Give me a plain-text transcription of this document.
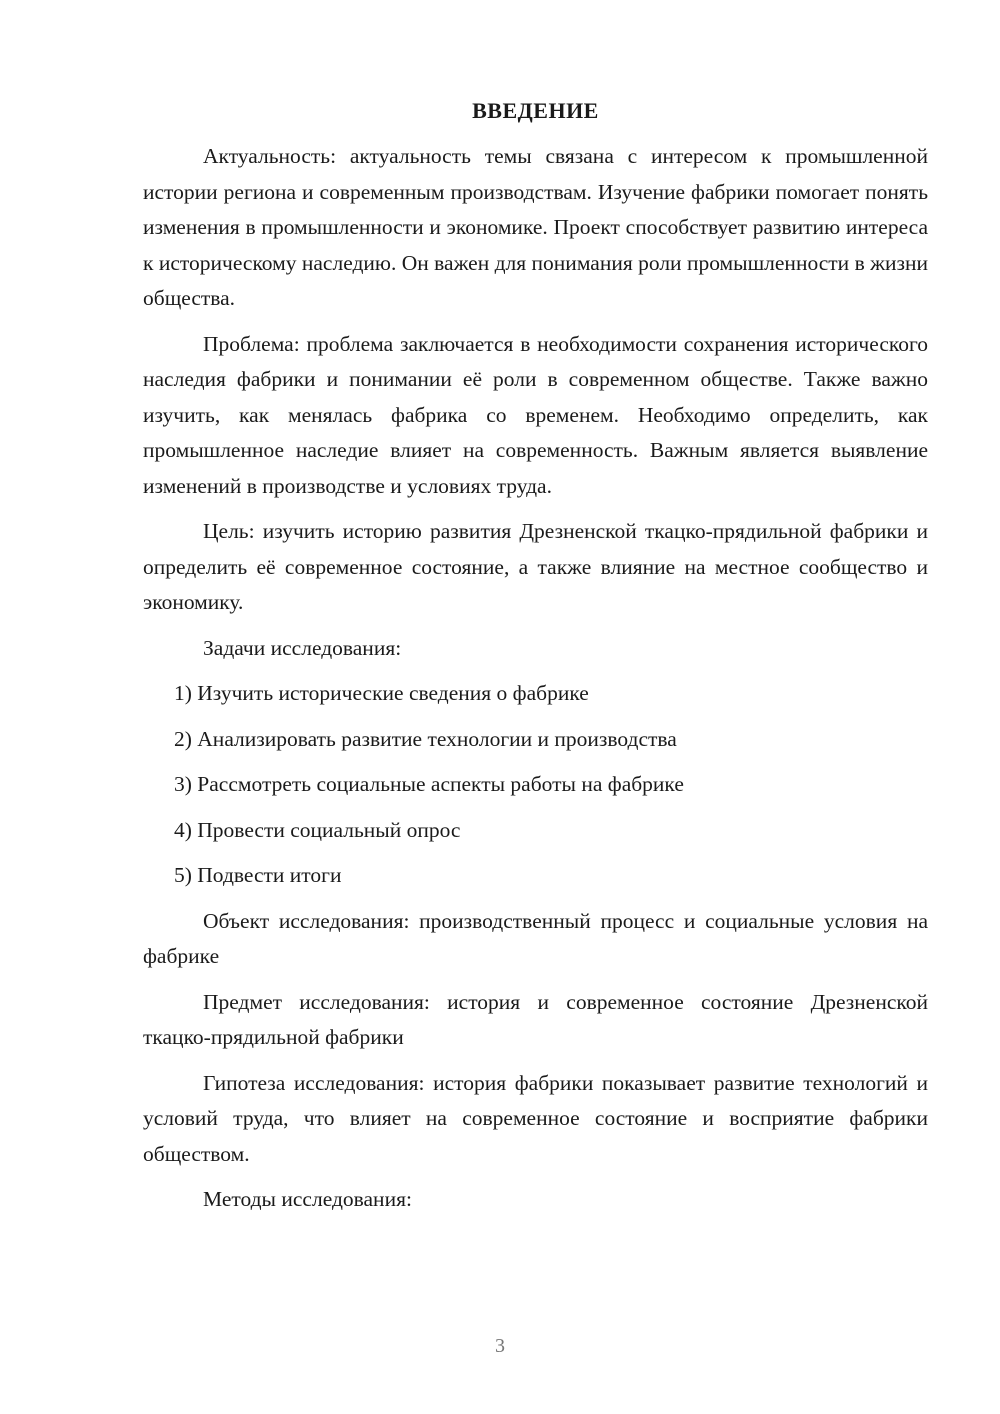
ВВЕДЕНИЕ

Актуальность: актуальность темы связана с интересом к промышленной истории региона и современным производствам. Изучение фабрики помогает понять изменения в промышленности и экономике. Проект способствует развитию интереса к историческому наследию. Он важен для понимания роли промышленности в жизни общества.

Проблема: проблема заключается в необходимости сохранения исторического наследия фабрики и понимании её роли в современном обществе. Также важно изучить, как менялась фабрика со временем. Необходимо определить, как промышленное наследие влияет на современность. Важным является выявление изменений в производстве и условиях труда.

Цель: изучить историю развития Дрезненской ткацко-прядильной фабрики и определить её современное состояние, а также влияние на местное сообщество и экономику.

Задачи исследования:

1) Изучить исторические сведения о фабрике
2) Анализировать развитие технологии и производства
3) Рассмотреть социальные аспекты работы на фабрике
4) Провести социальный опрос
5) Подвести итоги

Объект исследования: производственный процесс и социальные условия на фабрике

Предмет исследования: история и современное состояние Дрезненской ткацко-прядильной фабрики

Гипотеза исследования: история фабрики показывает развитие технологий и условий труда, что влияет на современное состояние и восприятие фабрики обществом.

Методы исследования:

3
